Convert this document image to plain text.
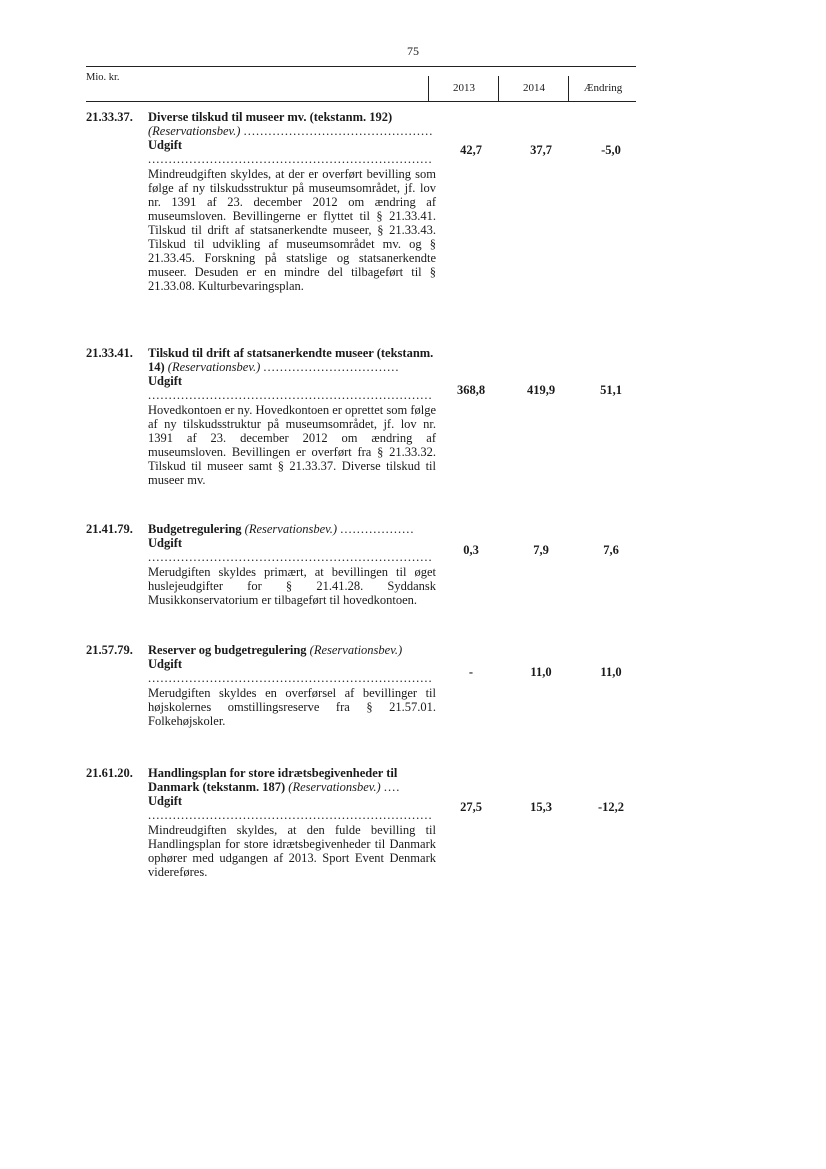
75
Mio. kr.
2013	2014	Ændring
21.33.37.	Diverse tilskud til museer mv. (tekstanm. 192)
(Reservationsbev.) ..............................................
Udgift .....................................................................
Mindreudgiften skyldes, at der er overført bevilling som følge af ny tilskudsstruktur på museumsområdet, jf. lov nr. 1391 af 23. december 2012 om ændring af museumsloven. Bevillingerne er flyttet til § 21.33.41. Tilskud til drift af statsanerkendte museer, § 21.33.43. Tilskud til udvikling af museumsområdet mv. og § 21.33.45. Forskning på statslige og statsanerkendte museer. Desuden er en mindre del tilbageført til § 21.33.08. Kulturbevaringsplan.
42,7	37,7	-5,0
21.33.41.	Tilskud til drift af statsanerkendte museer (tekstanm. 14) (Reservationsbev.) .................................
Udgift .....................................................................
Hovedkontoen er ny. Hovedkontoen er oprettet som følge af ny tilskudsstruktur på museumsområdet, jf. lov nr. 1391 af 23. december 2012 om ændring af museumsloven. Bevillingen er overført fra § 21.33.32. Tilskud til museer samt § 21.33.37. Diverse tilskud til museer mv.
368,8	419,9	51,1
21.41.79.	Budgetregulering (Reservationsbev.) ..................
Udgift .....................................................................
Merudgiften skyldes primært, at bevillingen til øget huslejeudgifter for § 21.41.28. Syddansk Musikkonservatorium er tilbageført til hovedkontoen.
0,3	7,9	7,6
21.57.79.	Reserver og budgetregulering (Reservationsbev.)
Udgift .....................................................................
Merudgiften skyldes en overførsel af bevillinger til højskolernes omstillingsreserve fra § 21.57.01. Folkehøjskoler.
-	11,0	11,0
21.61.20.	Handlingsplan for store idrætsbegivenheder til Danmark (tekstanm. 187) (Reservationsbev.) ....
Udgift .....................................................................
Mindreudgiften skyldes, at den fulde bevilling til Handlingsplan for store idrætsbegivenheder til Danmark ophører med udgangen af 2013. Sport Event Denmark videreføres.
27,5	15,3	-12,2
